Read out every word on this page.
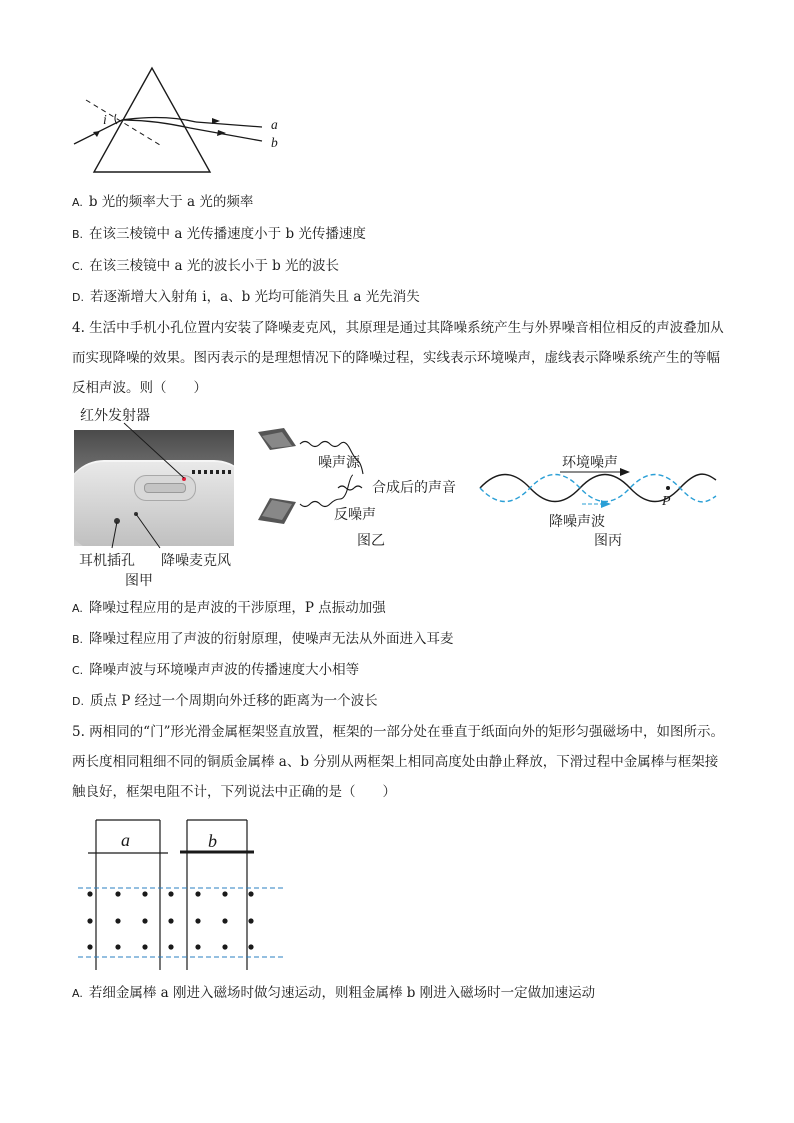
i	a
b
A. b 光的频率大于 a 光的频率
B. 在该三棱镜中 a 光传播速度小于 b 光传播速度
C. 在该三棱镜中 a 光的波长小于 b 光的波长
D. 若逐渐增大入射角 i，a、b 光均可能消失且 a 光先消失
4. 生活中手机小孔位置内安装了降噪麦克风，其原理是通过其降噪系统产生与外界噪音相位相反的声波叠加从而实现降噪的效果。图丙表示的是理想情况下的降噪过程，实线表示环境噪声，虚线表示降噪系统产生的等幅反相声波。则（　　）
红外发射器
耳机插孔 降噪麦克风
图甲
噪声源
合成后的声音
反噪声
图乙
环境噪声
P
降噪声波
图丙
A. 降噪过程应用的是声波的干涉原理，P 点振动加强
B. 降噪过程应用了声波的衍射原理，使噪声无法从外面进入耳麦
C. 降噪声波与环境噪声声波的传播速度大小相等
D. 质点 P 经过一个周期向外迁移的距离为一个波长
5. 两相同的“门”形光滑金属框架竖直放置，框架的一部分处在垂直于纸面向外的矩形匀强磁场中，如图所示。两长度相同粗细不同的铜质金属棒 a、b 分别从两框架上相同高度处由静止释放，下滑过程中金属棒与框架接触良好，框架电阻不计，下列说法中正确的是（　　）
a	b
A. 若细金属棒 a 刚进入磁场时做匀速运动，则粗金属棒 b 刚进入磁场时一定做加速运动
